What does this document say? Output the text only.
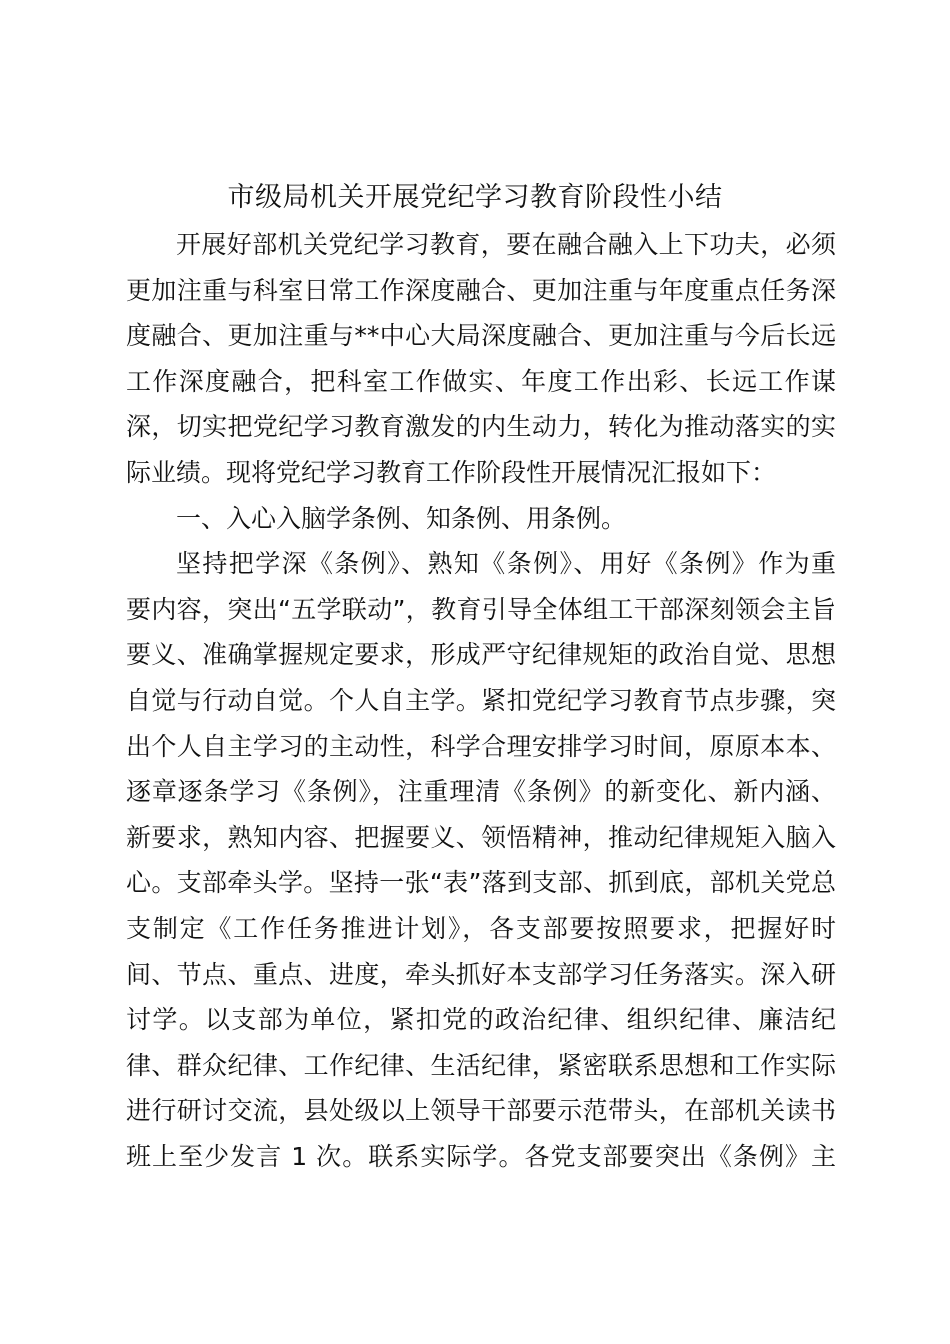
市级局机关开展党纪学习教育阶段性小结
开展好部机关党纪学习教育，要在融合融入上下功夫，必须
更加注重与科室日常工作深度融合、更加注重与年度重点任务深
度融合、更加注重与**中心大局深度融合、更加注重与今后长远
工作深度融合，把科室工作做实、年度工作出彩、长远工作谋
深，切实把党纪学习教育激发的内生动力，转化为推动落实的实
际业绩。现将党纪学习教育工作阶段性开展情况汇报如下：
一、入心入脑学条例、知条例、用条例。
坚持把学深《条例》、熟知《条例》、用好《条例》作为重
要内容，突出“五学联动”，教育引导全体组工干部深刻领会主旨
要义、准确掌握规定要求，形成严守纪律规矩的政治自觉、思想
自觉与行动自觉。个人自主学。紧扣党纪学习教育节点步骤，突
出个人自主学习的主动性，科学合理安排学习时间，原原本本、
逐章逐条学习《条例》，注重理清《条例》的新变化、新内涵、
新要求，熟知内容、把握要义、领悟精神，推动纪律规矩入脑入
心。支部牵头学。坚持一张“表”落到支部、抓到底，部机关党总
支制定《工作任务推进计划》，各支部要按照要求，把握好时
间、节点、重点、进度，牵头抓好本支部学习任务落实。深入研
讨学。以支部为单位，紧扣党的政治纪律、组织纪律、廉洁纪
律、群众纪律、工作纪律、生活纪律，紧密联系思想和工作实际
进行研讨交流，县处级以上领导干部要示范带头，在部机关读书
班上至少发言 1 次。联系实际学。各党支部要突出《条例》主
